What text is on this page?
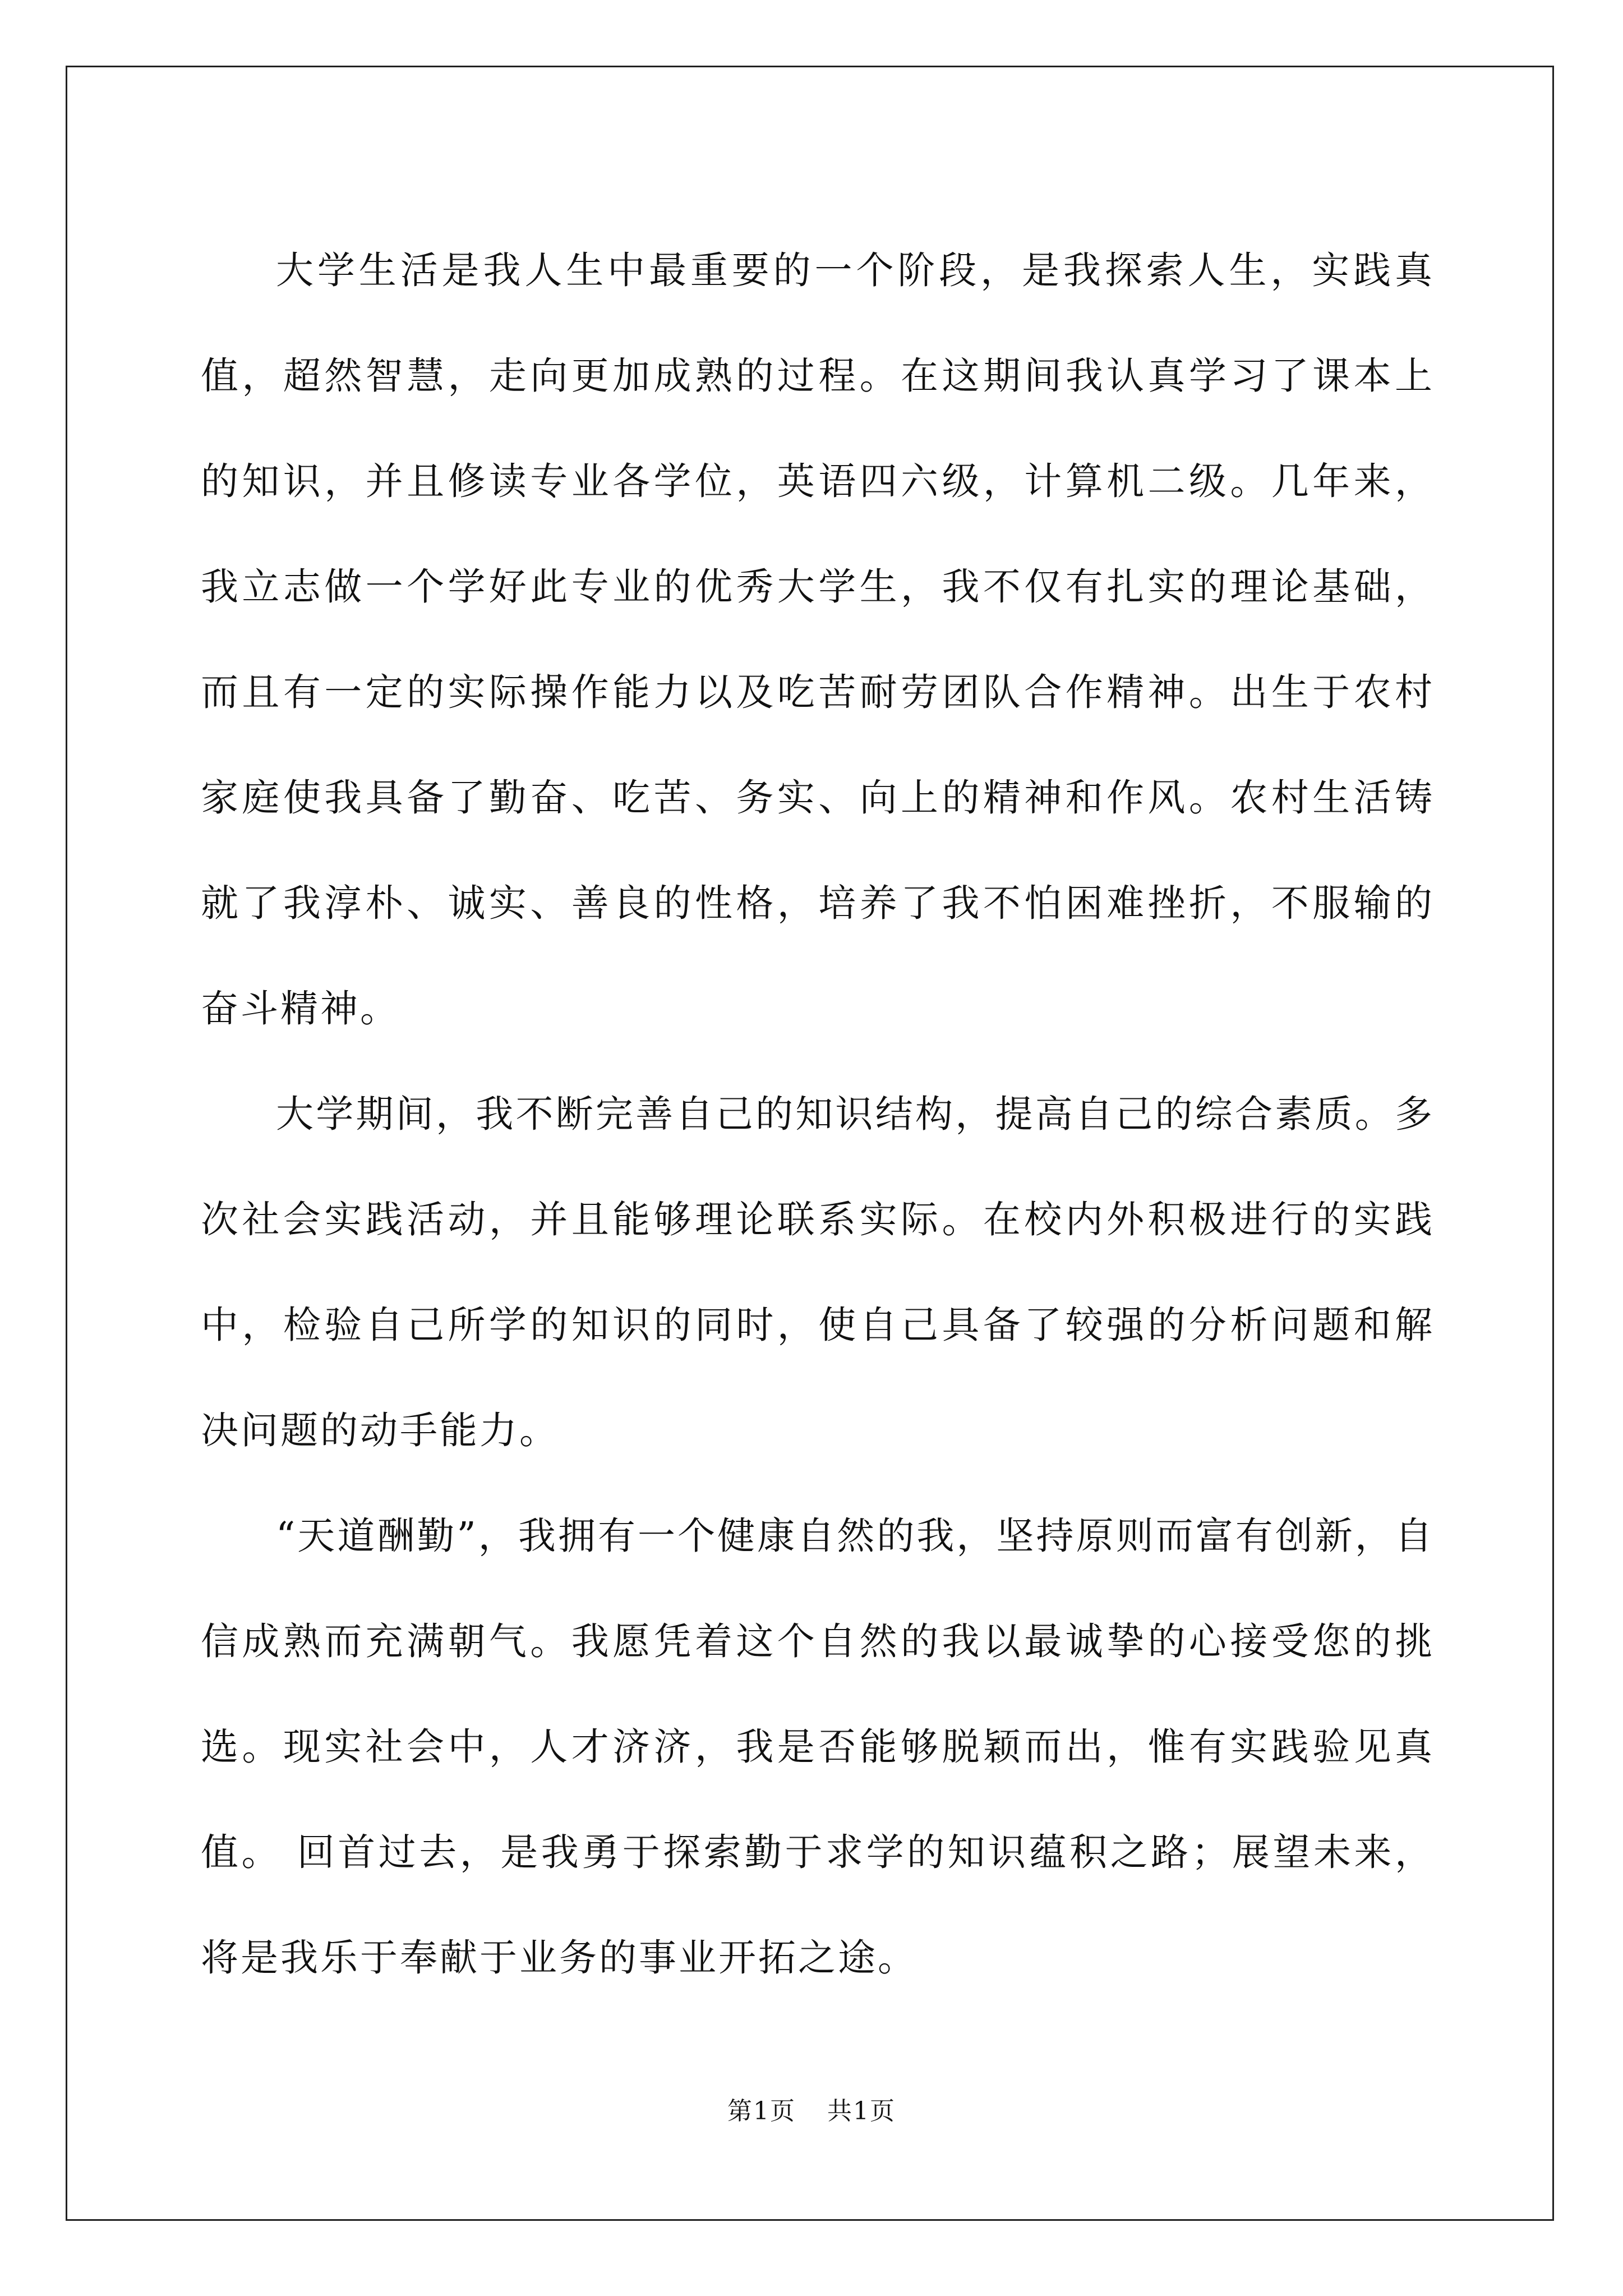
大学生活是我人生中最重要的一个阶段，是我探索人生，实践真值，超然智慧，走向更加成熟的过程。在这期间我认真学习了课本上的知识，并且修读专业各学位，英语四六级，计算机二级。几年来，我立志做一个学好此专业的优秀大学生，我不仅有扎实的理论基础，而且有一定的实际操作能力以及吃苦耐劳团队合作精神。出生于农村家庭使我具备了勤奋、吃苦、务实、向上的精神和作风。农村生活铸就了我淳朴、诚实、善良的性格，培养了我不怕困难挫折，不服输的奋斗精神。

大学期间，我不断完善自己的知识结构，提高自己的综合素质。多次社会实践活动，并且能够理论联系实际。在校内外积极进行的实践中，检验自己所学的知识的同时，使自己具备了较强的分析问题和解决问题的动手能力。

“天道酬勤”，我拥有一个健康自然的我，坚持原则而富有创新，自信成熟而充满朝气。我愿凭着这个自然的我以最诚挚的心接受您的挑选。现实社会中，人才济济，我是否能够脱颖而出，惟有实践验见真值。 回首过去，是我勇于探索勤于求学的知识蕴积之路；展望未来，将是我乐于奉献于业务的事业开拓之途。

第1页 共1页
